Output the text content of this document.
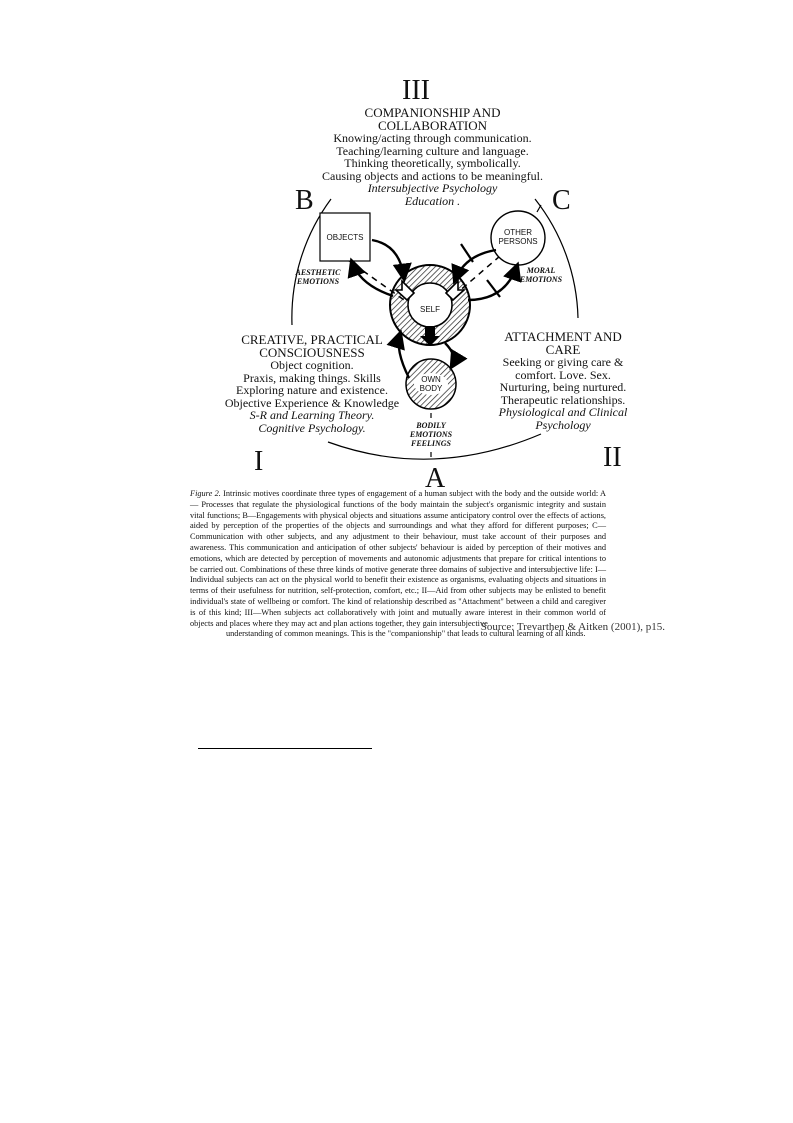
III
B	C
I	II
A
COMPANIONSHIP AND
COLLABORATION
Knowing/acting through communication.
Teaching/learning culture and language.
Thinking theoretically, symbolically.
Causing objects and actions to be meaningful.
Intersubjective Psychology
Education .
CREATIVE, PRACTICAL
CONSCIOUSNESS
Object cognition.
Praxis, making things. Skills
Exploring nature and existence.
Objective Experience & Knowledge
S-R and Learning Theory.
Cognitive Psychology.
ATTACHMENT AND
CARE
Seeking or giving care &
comfort. Love. Sex.
Nurturing, being nurtured.
Therapeutic relationships.
Physiological and Clinical
Psychology
OBJECTS
OTHER
PERSONS
SELF
OWN
BODY
AESTHETIC
EMOTIONS
MORAL
EMOTIONS
BODILY
EMOTIONS
FEELINGS
Figure 2. Intrinsic motives coordinate three types of engagement of a human subject with the body and the outside world: A— Processes that regulate the physiological functions of the body maintain the subject's organismic integrity and sustain vital functions; B—Engagements with physical objects and situations assume anticipatory control over the effects of actions, aided by perception of the properties of the objects and surroundings and what they afford for different purposes; C—Communication with other subjects, and any adjustment to their behaviour, must take account of their purposes and awareness. This communication and anticipation of other subjects' behaviour is aided by perception of their motives and emotions, which are detected by perception of movements and autonomic adjustments that prepare for critical intentions to be carried out. Combinations of these three kinds of motive generate three domains of subjective and intersubjective life: I—Individual subjects can act on the physical world to benefit their existence as organisms, evaluating objects and situations in terms of their usefulness for nutrition, self-protection, comfort, etc.; II—Aid from other subjects may be enlisted to benefit individual's state of wellbeing or comfort. The kind of relationship described as "Attachment" between a child and caregiver is of this kind; III—When subjects act collaboratively with joint and mutually aware interest in their common world of objects and places where they may act and plan actions together, they gain intersubjective
understanding of common meanings. This is the "companionship" that leads to cultural learning of all kinds.
Source: Trevarthen & Aitken (2001), p15.
